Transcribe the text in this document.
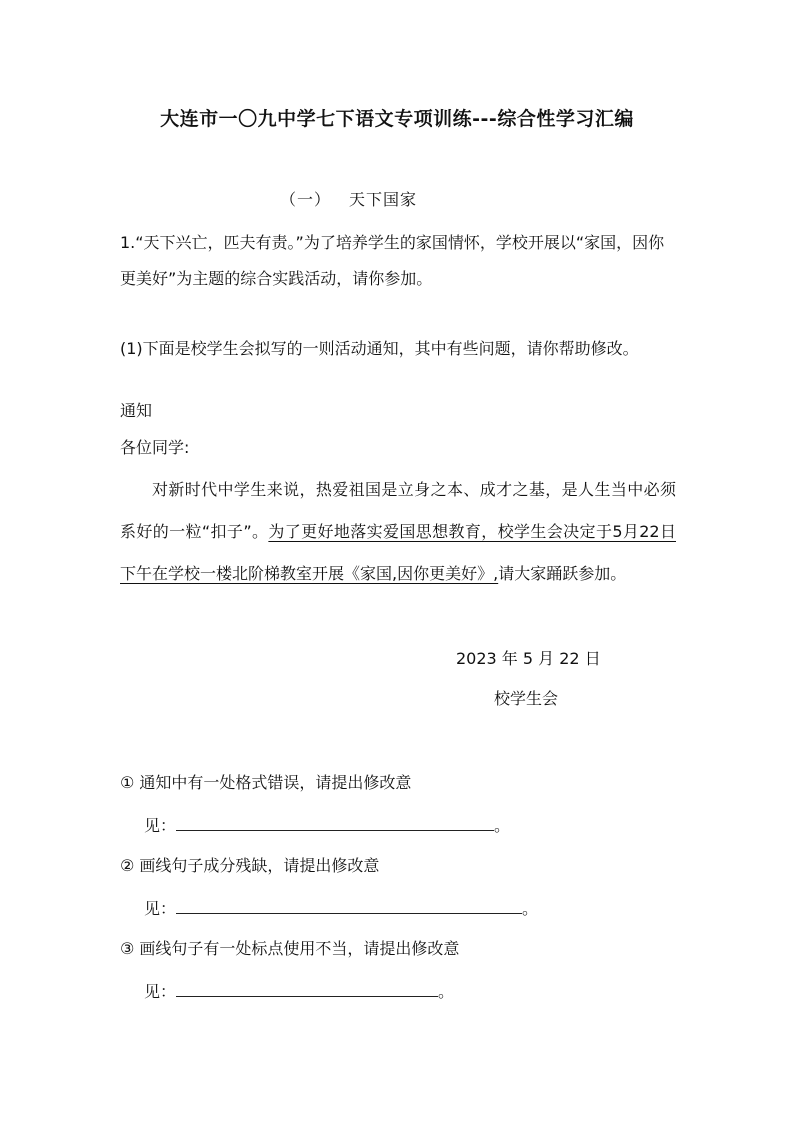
大连市一〇九中学七下语文专项训练---综合性学习汇编
（一） 天下国家
1.“天下兴亡，匹夫有责。”为了培养学生的家国情怀，学校开展以“家国，因你更美好”为主题的综合实践活动，请你参加。
(1)下面是校学生会拟写的一则活动通知，其中有些问题，请你帮助修改。
通知
各位同学:
对新时代中学生来说，热爱祖国是立身之本、成才之基，是人生当中必须系好的一粒“扣子”。为了更好地落实爱国思想教育，校学生会决定于5月22日下午在学校一楼北阶梯教室开展《家国,因你更美好》,请大家踊跃参加。
2023 年 5 月 22 日
校学生会
① 通知中有一处格式错误，请提出修改意
见：	。
② 画线句子成分残缺，请提出修改意
见：	。
③ 画线句子有一处标点使用不当，请提出修改意
见：	。
